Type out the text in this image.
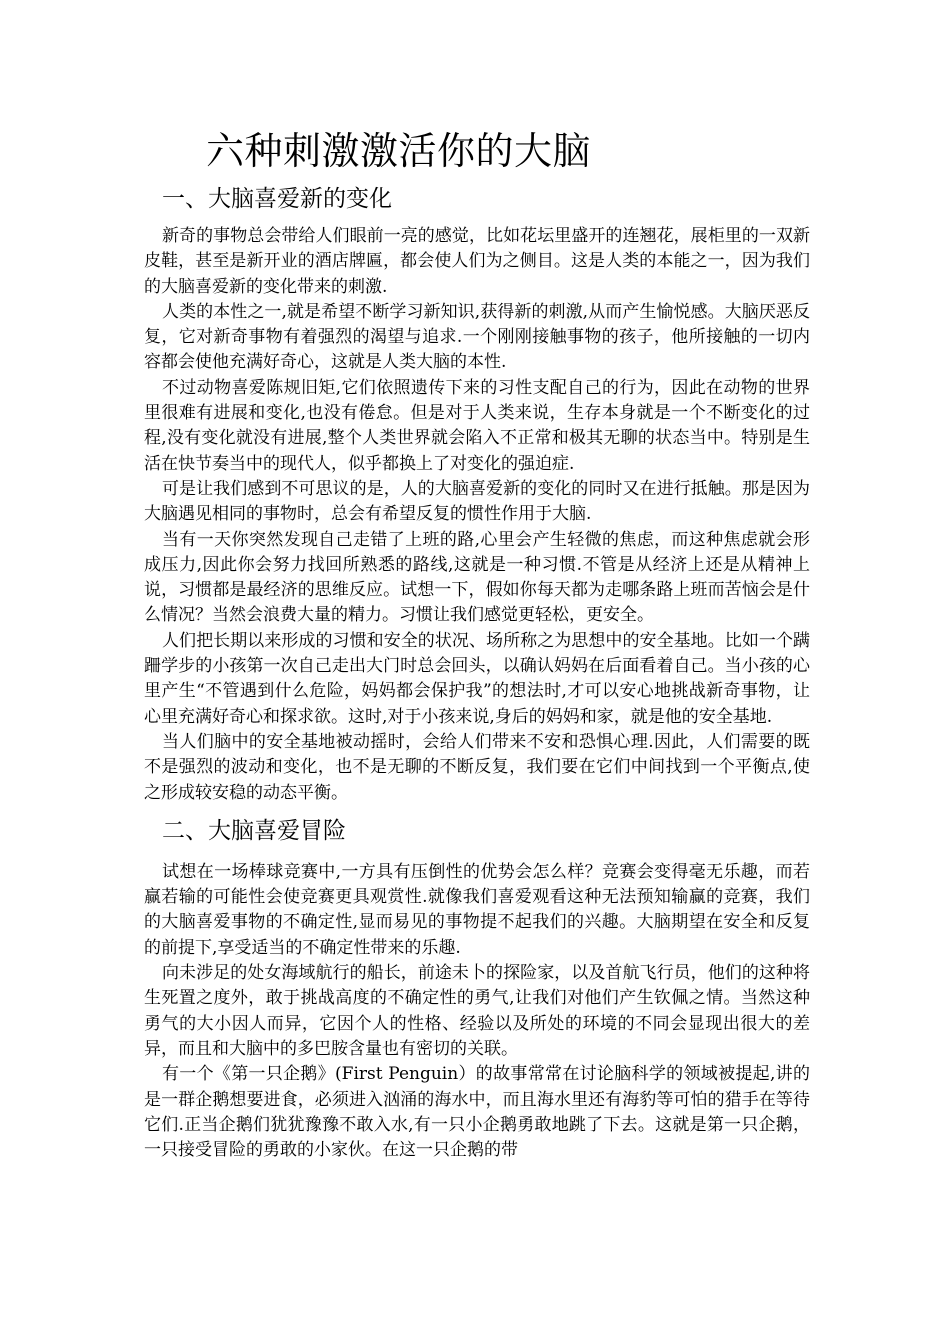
六种刺激激活你的大脑
一、大脑喜爱新的变化

新奇的事物总会带给人们眼前一亮的感觉，比如花坛里盛开的连翘花，展柜里的一双新皮鞋，甚至是新开业的酒店牌匾，都会使人们为之侧目。这是人类的本能之一，因为我们的大脑喜爱新的变化带来的刺激.

人类的本性之一,就是希望不断学习新知识,获得新的刺激,从而产生愉悦感。大脑厌恶反复，它对新奇事物有着强烈的渴望与追求.一个刚刚接触事物的孩子，他所接触的一切内容都会使他充满好奇心，这就是人类大脑的本性.

不过动物喜爱陈规旧矩,它们依照遗传下来的习性支配自己的行为，因此在动物的世界里很难有进展和变化,也没有倦怠。但是对于人类来说，生存本身就是一个不断变化的过程,没有变化就没有进展,整个人类世界就会陷入不正常和极其无聊的状态当中。特别是生活在快节奏当中的现代人，似乎都换上了对变化的强迫症.

可是让我们感到不可思议的是，人的大脑喜爱新的变化的同时又在进行抵触。那是因为大脑遇见相同的事物时，总会有希望反复的惯性作用于大脑.

当有一天你突然发现自己走错了上班的路,心里会产生轻微的焦虑，而这种焦虑就会形成压力,因此你会努力找回所熟悉的路线,这就是一种习惯.不管是从经济上还是从精神上说，习惯都是最经济的思维反应。试想一下，假如你每天都为走哪条路上班而苦恼会是什么情况？当然会浪费大量的精力。习惯让我们感觉更轻松，更安全。

人们把长期以来形成的习惯和安全的状况、场所称之为思想中的安全基地。比如一个蹒跚学步的小孩第一次自己走出大门时总会回头，以确认妈妈在后面看着自己。当小孩的心里产生“不管遇到什么危险，妈妈都会保护我”的想法时,才可以安心地挑战新奇事物，让心里充满好奇心和探求欲。这时,对于小孩来说,身后的妈妈和家，就是他的安全基地.

当人们脑中的安全基地被动摇时，会给人们带来不安和恐惧心理.因此，人们需要的既不是强烈的波动和变化，也不是无聊的不断反复，我们要在它们中间找到一个平衡点,使之形成较安稳的动态平衡。

二、大脑喜爱冒险

试想在一场棒球竞赛中,一方具有压倒性的优势会怎么样？竞赛会变得毫无乐趣，而若赢若输的可能性会使竞赛更具观赏性.就像我们喜爱观看这种无法预知输赢的竞赛，我们的大脑喜爱事物的不确定性,显而易见的事物提不起我们的兴趣。大脑期望在安全和反复的前提下,享受适当的不确定性带来的乐趣.

向未涉足的处女海域航行的船长，前途未卜的探险家，以及首航飞行员，他们的这种将生死置之度外，敢于挑战高度的不确定性的勇气,让我们对他们产生钦佩之情。当然这种勇气的大小因人而异，它因个人的性格、经验以及所处的环境的不同会显现出很大的差异，而且和大脑中的多巴胺含量也有密切的关联。

有一个《第一只企鹅》(First Penguin）的故事常常在讨论脑科学的领域被提起,讲的是一群企鹅想要进食，必须进入汹涌的海水中，而且海水里还有海豹等可怕的猎手在等待它们.正当企鹅们犹犹豫豫不敢入水,有一只小企鹅勇敢地跳了下去。这就是第一只企鹅，一只接受冒险的勇敢的小家伙。在这一只企鹅的带
